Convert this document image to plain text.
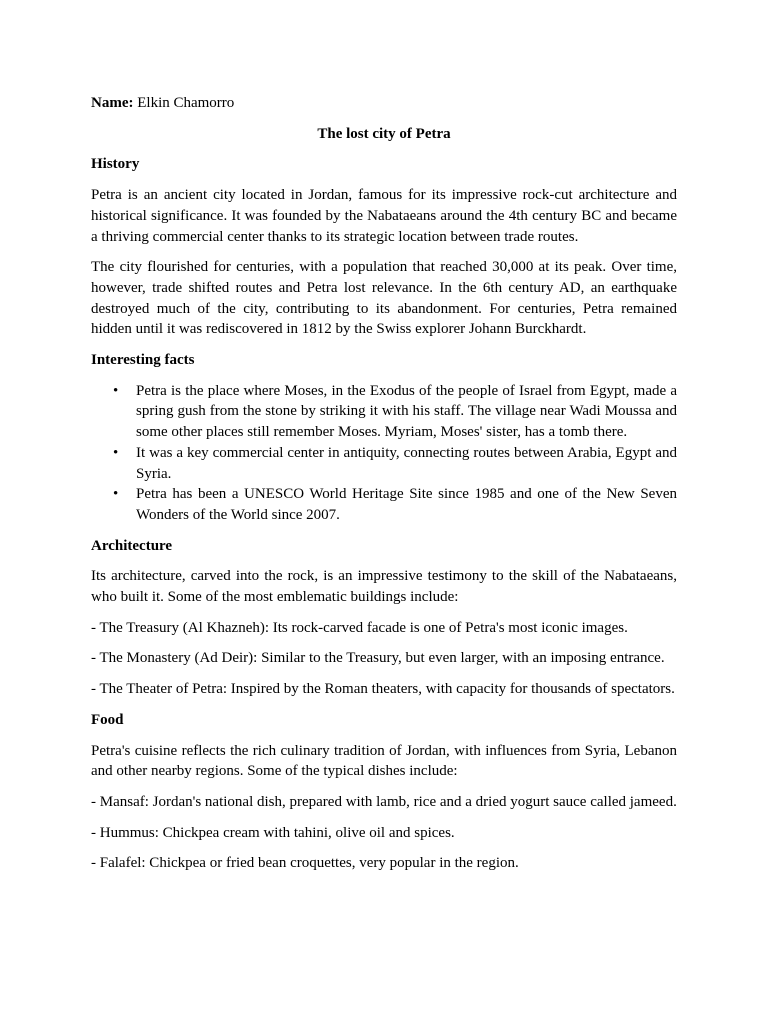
Name: Elkin Chamorro

The lost city of Petra

History

Petra is an ancient city located in Jordan, famous for its impressive rock-cut architecture and historical significance. It was founded by the Nabataeans around the 4th century BC and became a thriving commercial center thanks to its strategic location between trade routes.

The city flourished for centuries, with a population that reached 30,000 at its peak. Over time, however, trade shifted routes and Petra lost relevance. In the 6th century AD, an earthquake destroyed much of the city, contributing to its abandonment. For centuries, Petra remained hidden until it was rediscovered in 1812 by the Swiss explorer Johann Burckhardt.

Interesting facts

• Petra is the place where Moses, in the Exodus of the people of Israel from Egypt, made a spring gush from the stone by striking it with his staff. The village near Wadi Moussa and some other places still remember Moses. Myriam, Moses' sister, has a tomb there.
• It was a key commercial center in antiquity, connecting routes between Arabia, Egypt and Syria.
• Petra has been a UNESCO World Heritage Site since 1985 and one of the New Seven Wonders of the World since 2007.

Architecture

Its architecture, carved into the rock, is an impressive testimony to the skill of the Nabataeans, who built it. Some of the most emblematic buildings include:

- The Treasury (Al Khazneh): Its rock-carved facade is one of Petra's most iconic images.

- The Monastery (Ad Deir): Similar to the Treasury, but even larger, with an imposing entrance.

- The Theater of Petra: Inspired by the Roman theaters, with capacity for thousands of spectators.

Food

Petra's cuisine reflects the rich culinary tradition of Jordan, with influences from Syria, Lebanon and other nearby regions. Some of the typical dishes include:

- Mansaf: Jordan's national dish, prepared with lamb, rice and a dried yogurt sauce called jameed.

- Hummus: Chickpea cream with tahini, olive oil and spices.

- Falafel: Chickpea or fried bean croquettes, very popular in the region.
